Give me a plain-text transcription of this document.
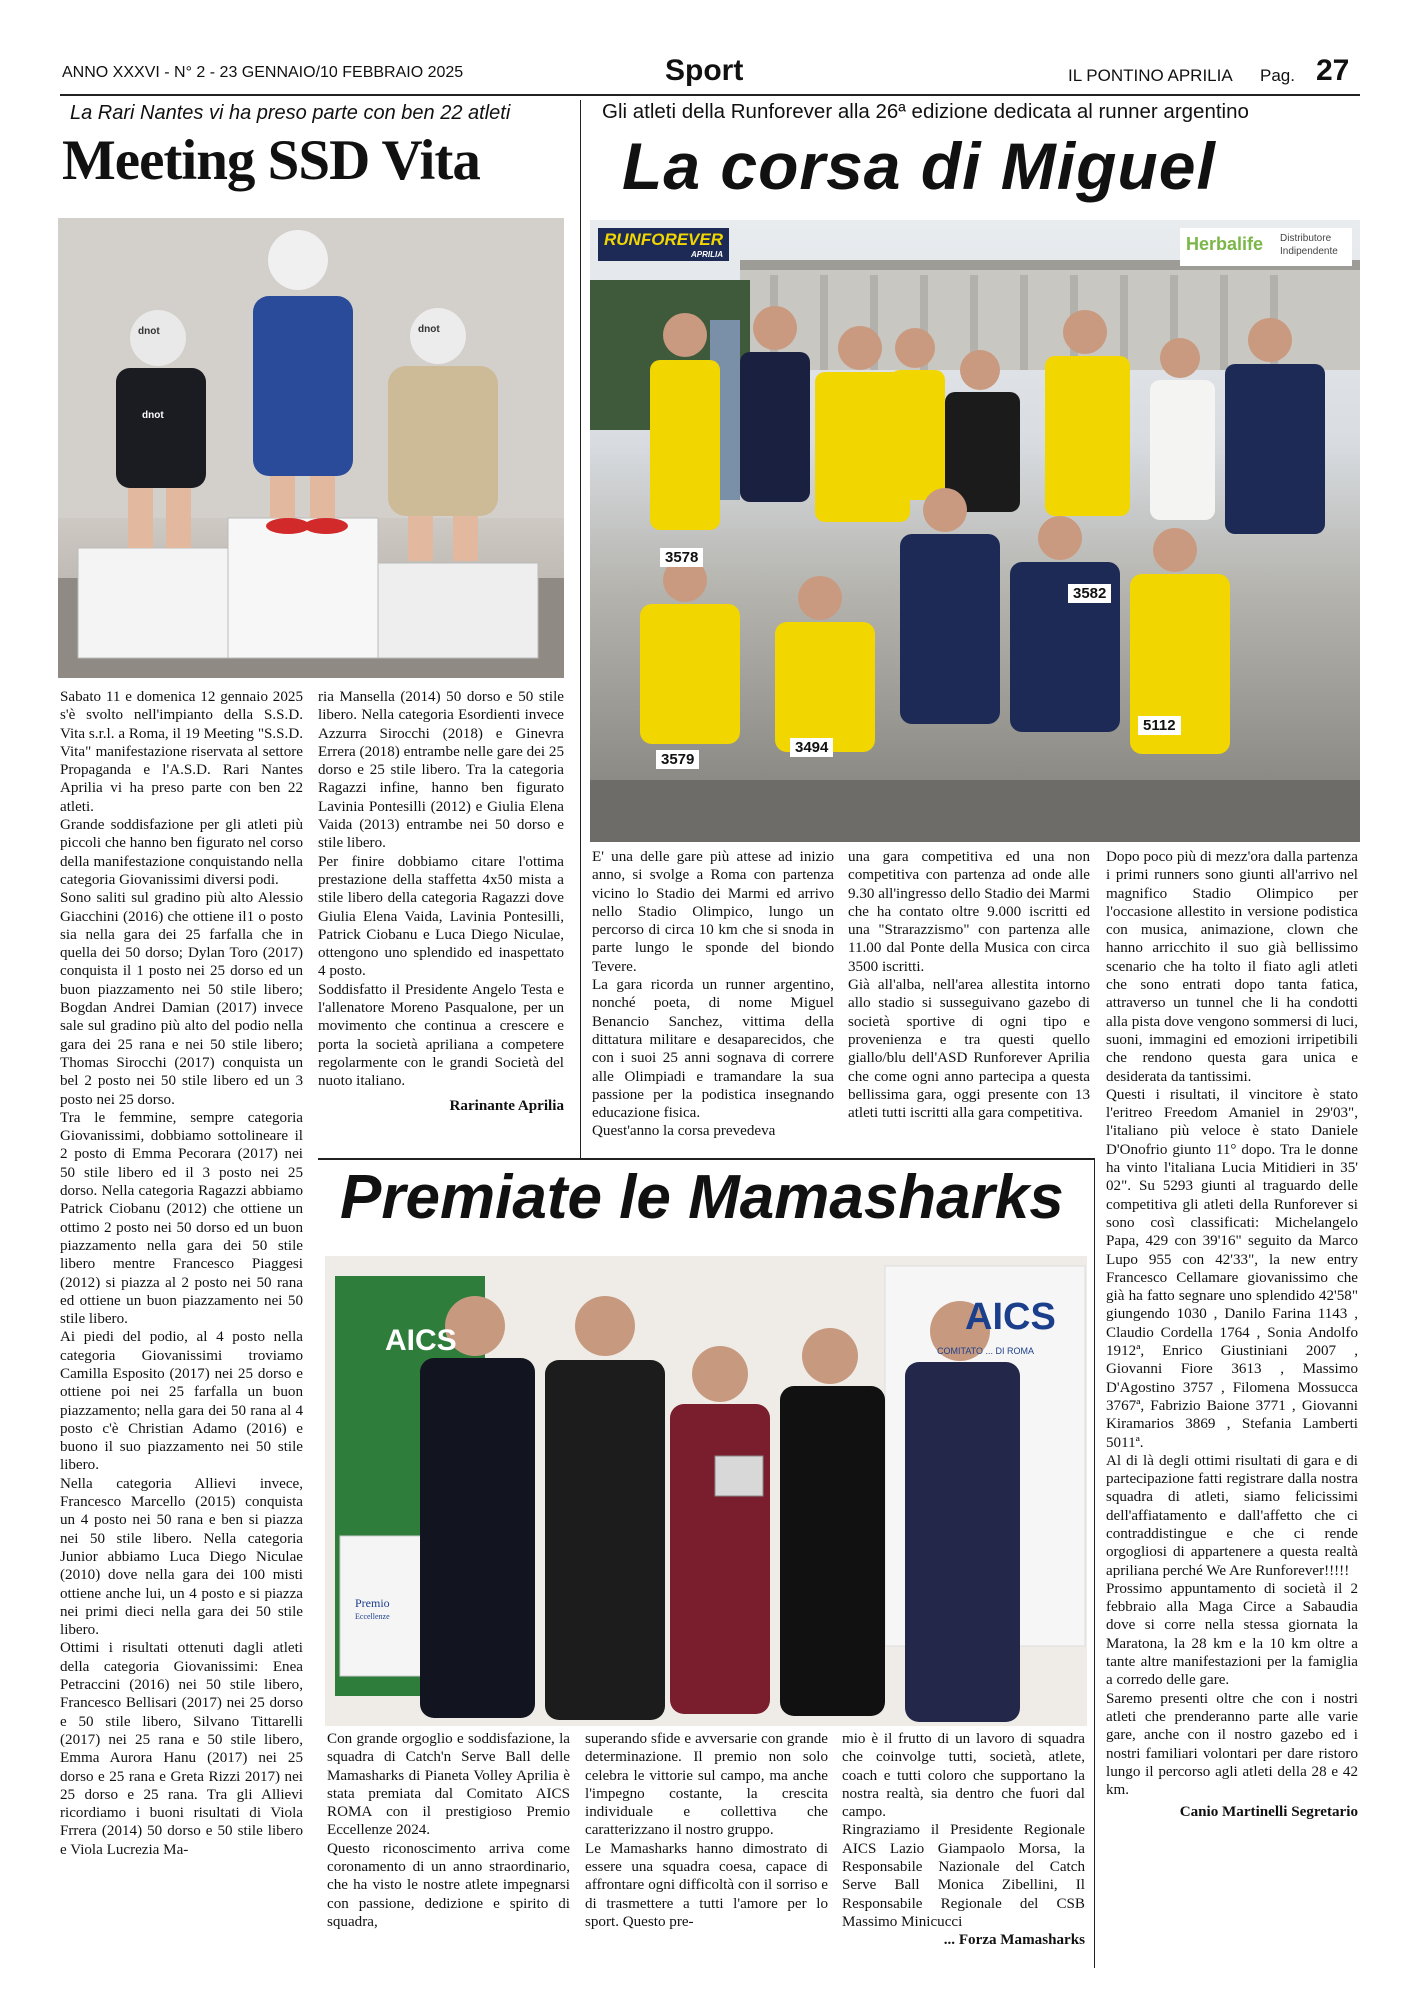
ANNO XXXVI - N° 2 - 23 GENNAIO/10 FEBBRAIO 2025	Sport	IL PONTINO APRILIA Pag. 27
La Rari Nantes vi ha preso parte con ben 22 atleti
Meeting SSD Vita
dnot	dnot
dnot

Sabato 11 e domenica 12 gennaio 2025 s'è svolto nell'impianto della S.S.D. Vita s.r.l. a Roma, il 19 Meeting "S.S.D. Vita" manifestazione riservata al settore Propaganda e l'A.S.D. Rari Nantes Aprilia vi ha preso parte con ben 22 atleti.

Grande soddisfazione per gli atleti più piccoli che hanno ben figurato nel corso della manifestazione conquistando nella categoria Giovanissimi diversi podi.

Sono saliti sul gradino più alto Alessio Giacchini (2016) che ottiene il1 o posto sia nella gara dei 25 farfalla che in quella dei 50 dorso; Dylan Toro (2017) conquista il 1 posto nei 25 dorso ed un buon piazzamento nei 50 stile libero; Bogdan Andrei Damian (2017) invece sale sul gradino più alto del podio nella gara dei 25 rana e nei 50 stile libero; Thomas Sirocchi (2017) conquista un bel 2 posto nei 50 stile libero ed un 3 posto nei 25 dorso.

Tra le femmine, sempre categoria Giovanissimi, dobbiamo sottolineare il 2 posto di Emma Pecorara (2017) nei 50 stile libero ed il 3 posto nei 25 dorso. Nella categoria Ragazzi abbiamo Patrick Ciobanu (2012) che ottiene un ottimo 2 posto nei 50 dorso ed un buon piazzamento nella gara dei 50 stile libero mentre Francesco Piaggesi (2012) si piazza al 2 posto nei 50 rana ed ottiene un buon piazzamento nei 50 stile libero.

Ai piedi del podio, al 4 posto nella categoria Giovanissimi troviamo Camilla Esposito (2017) nei 25 dorso e ottiene poi nei 25 farfalla un buon piazzamento; nella gara dei 50 rana al 4 posto c'è Christian Adamo (2016) e buono il suo piazzamento nei 50 stile libero.

Nella categoria Allievi invece, Francesco Marcello (2015) conquista un 4 posto nei 50 rana e ben si piazza nei 50 stile libero. Nella categoria Junior abbiamo Luca Diego Niculae (2010) dove nella gara dei 100 misti ottiene anche lui, un 4 posto e si piazza nei primi dieci nella gara dei 50 stile libero.

Ottimi i risultati ottenuti dagli atleti della categoria Giovanissimi: Enea Petraccini (2016) nei 50 stile libero, Francesco Bellisari (2017) nei 25 dorso e 50 stile libero, Silvano Tittarelli (2017) nei 25 rana e 50 stile libero, Emma Aurora Hanu (2017) nei 25 dorso e 25 rana e Greta Rizzi 2017) nei 25 dorso e 25 rana. Tra gli Allievi ricordiamo i buoni risultati di Viola Frrera (2014) 50 dorso e 50 stile libero e Viola Lucrezia Ma-

ria Mansella (2014) 50 dorso e 50 stile libero. Nella categoria Esordienti invece Azzurra Sirocchi (2018) e Ginevra Errera (2018) entrambe nelle gare dei 25 dorso e 25 stile libero. Tra la categoria Ragazzi infine, hanno ben figurato Lavinia Pontesilli (2012) e Giulia Elena Vaida (2013) entrambe nei 50 dorso e stile libero.

Per finire dobbiamo citare l'ottima prestazione della staffetta 4x50 mista a stile libero della categoria Ragazzi dove Giulia Elena Vaida, Lavinia Pontesilli, Patrick Ciobanu e Luca Diego Niculae, ottengono uno splendido ed inaspettato 4 posto.

Soddisfatto il Presidente Angelo Testa e l'allenatore Moreno Pasqualone, per un movimento che continua a crescere e porta la società apriliana a competere regolarmente con le grandi Società del nuoto italiano.

Rarinante Aprilia

Gli atleti della Runforever alla 26ª edizione dedicata al runner argentino
La corsa di Miguel
RUNFOREVER
APRILIA
Herbalife Distributore
Indipendente
3578
3582
3579
3494
5112

E' una delle gare più attese ad inizio anno, si svolge a Roma con partenza vicino lo Stadio dei Marmi ed arrivo nello Stadio Olimpico, lungo un percorso di circa 10 km che si snoda in parte lungo le sponde del biondo Tevere.

La gara ricorda un runner argentino, nonché poeta, di nome Miguel Benancio Sanchez, vittima della dittatura militare e desaparecidos, che con i suoi 25 anni sognava di correre alle Olimpiadi e tramandare la sua passione per la podistica insegnando educazione fisica.

Quest'anno la corsa prevedeva

una gara competitiva ed una non competitiva con partenza ad onde alle 9.30 all'ingresso dello Stadio dei Marmi che ha contato oltre 9.000 iscritti ed una "Strarazzismo" con partenza alle 11.00 dal Ponte della Musica con circa 3500 iscritti.

Già all'alba, nell'area allestita intorno allo stadio si susseguivano gazebo di società sportive di ogni tipo e provenienza e tra questi quello giallo/blu dell'ASD Runforever Aprilia che come ogni anno partecipa a questa bellissima gara, oggi presente con 13 atleti tutti iscritti alla gara competitiva.

Dopo poco più di mezz'ora dalla partenza i primi runners sono giunti all'arrivo nel magnifico Stadio Olimpico per l'occasione allestito in versione podistica con musica, animazione, clown che hanno arricchito il suo già bellissimo scenario che ha tolto il fiato agli atleti che sono entrati dopo tanta fatica, attraverso un tunnel che li ha condotti alla pista dove vengono sommersi di luci, suoni, immagini ed emozioni irripetibili che rendono questa gara unica e desiderata da tantissimi.

Questi i risultati, il vincitore è stato l'eritreo Freedom Amaniel in 29'03", l'italiano più veloce è stato Daniele D'Onofrio giunto 11° dopo. Tra le donne ha vinto l'italiana Lucia Mitidieri in 35' 02". Su 5293 giunti al traguardo delle competitiva gli atleti della Runforever si sono così classificati: Michelangelo Papa, 429 con 39'16" seguito da Marco Lupo 955 con 42'33", la new entry Francesco Cellamare giovanissimo che già ha fatto segnare uno splendido 42'58" giungendo 1030 , Danilo Farina 1143 , Claudio Cordella 1764 , Sonia Andolfo 1912ª, Enrico Giustiniani 2007 , Giovanni Fiore 3613 , Massimo D'Agostino 3757 , Filomena Mossucca 3767ª, Fabrizio Baione 3771 , Giovanni Kiramarios 3869 , Stefania Lamberti 5011ª.

Al di là degli ottimi risultati di gara e di partecipazione fatti registrare dalla nostra squadra di atleti, siamo felicissimi dell'affiatamento e dall'affetto che ci contraddistingue e che ci rende orgogliosi di appartenere a questa realtà apriliana perché We Are Runforever!!!!!

Prossimo appuntamento di società il 2 febbraio alla Maga Circe a Sabaudia dove si corre nella stessa giornata la Maratona, la 28 km e la 10 km oltre a tante altre manifestazioni per la famiglia a corredo delle gare.

Saremo presenti oltre che con i nostri atleti che prenderanno parte alle varie gare, anche con il nostro gazebo ed i nostri familiari volontari per dare ristoro lungo il percorso agli atleti della 28 e 42 km.

Canio Martinelli Segretario

Premiate le Mamasharks
AICS
AICS
COMITATO ... DI ROMA
Premio
Eccellenze

Con grande orgoglio e soddisfazione, la squadra di Catch'n Serve Ball delle Mamasharks di Pianeta Volley Aprilia è stata premiata dal Comitato AICS ROMA con il prestigioso Premio Eccellenze 2024.

Questo riconoscimento arriva come coronamento di un anno straordinario, che ha visto le nostre atlete impegnarsi con passione, dedizione e spirito di squadra,

superando sfide e avversarie con grande determinazione. Il premio non solo celebra le vittorie sul campo, ma anche l'impegno costante, la crescita individuale e collettiva che caratterizzano il nostro gruppo.

Le Mamasharks hanno dimostrato di essere una squadra coesa, capace di affrontare ogni difficoltà con il sorriso e di trasmettere a tutti l'amore per lo sport. Questo pre-

mio è il frutto di un lavoro di squadra che coinvolge tutti, società, atlete, coach e tutti coloro che supportano la nostra realtà, sia dentro che fuori dal campo.

Ringraziamo il Presidente Regionale AICS Lazio Giampaolo Morsa, la Responsabile Nazionale del Catch Serve Ball Monica Zibellini, Il Responsabile Regionale del CSB Massimo Minicucci

... Forza Mamasharks
